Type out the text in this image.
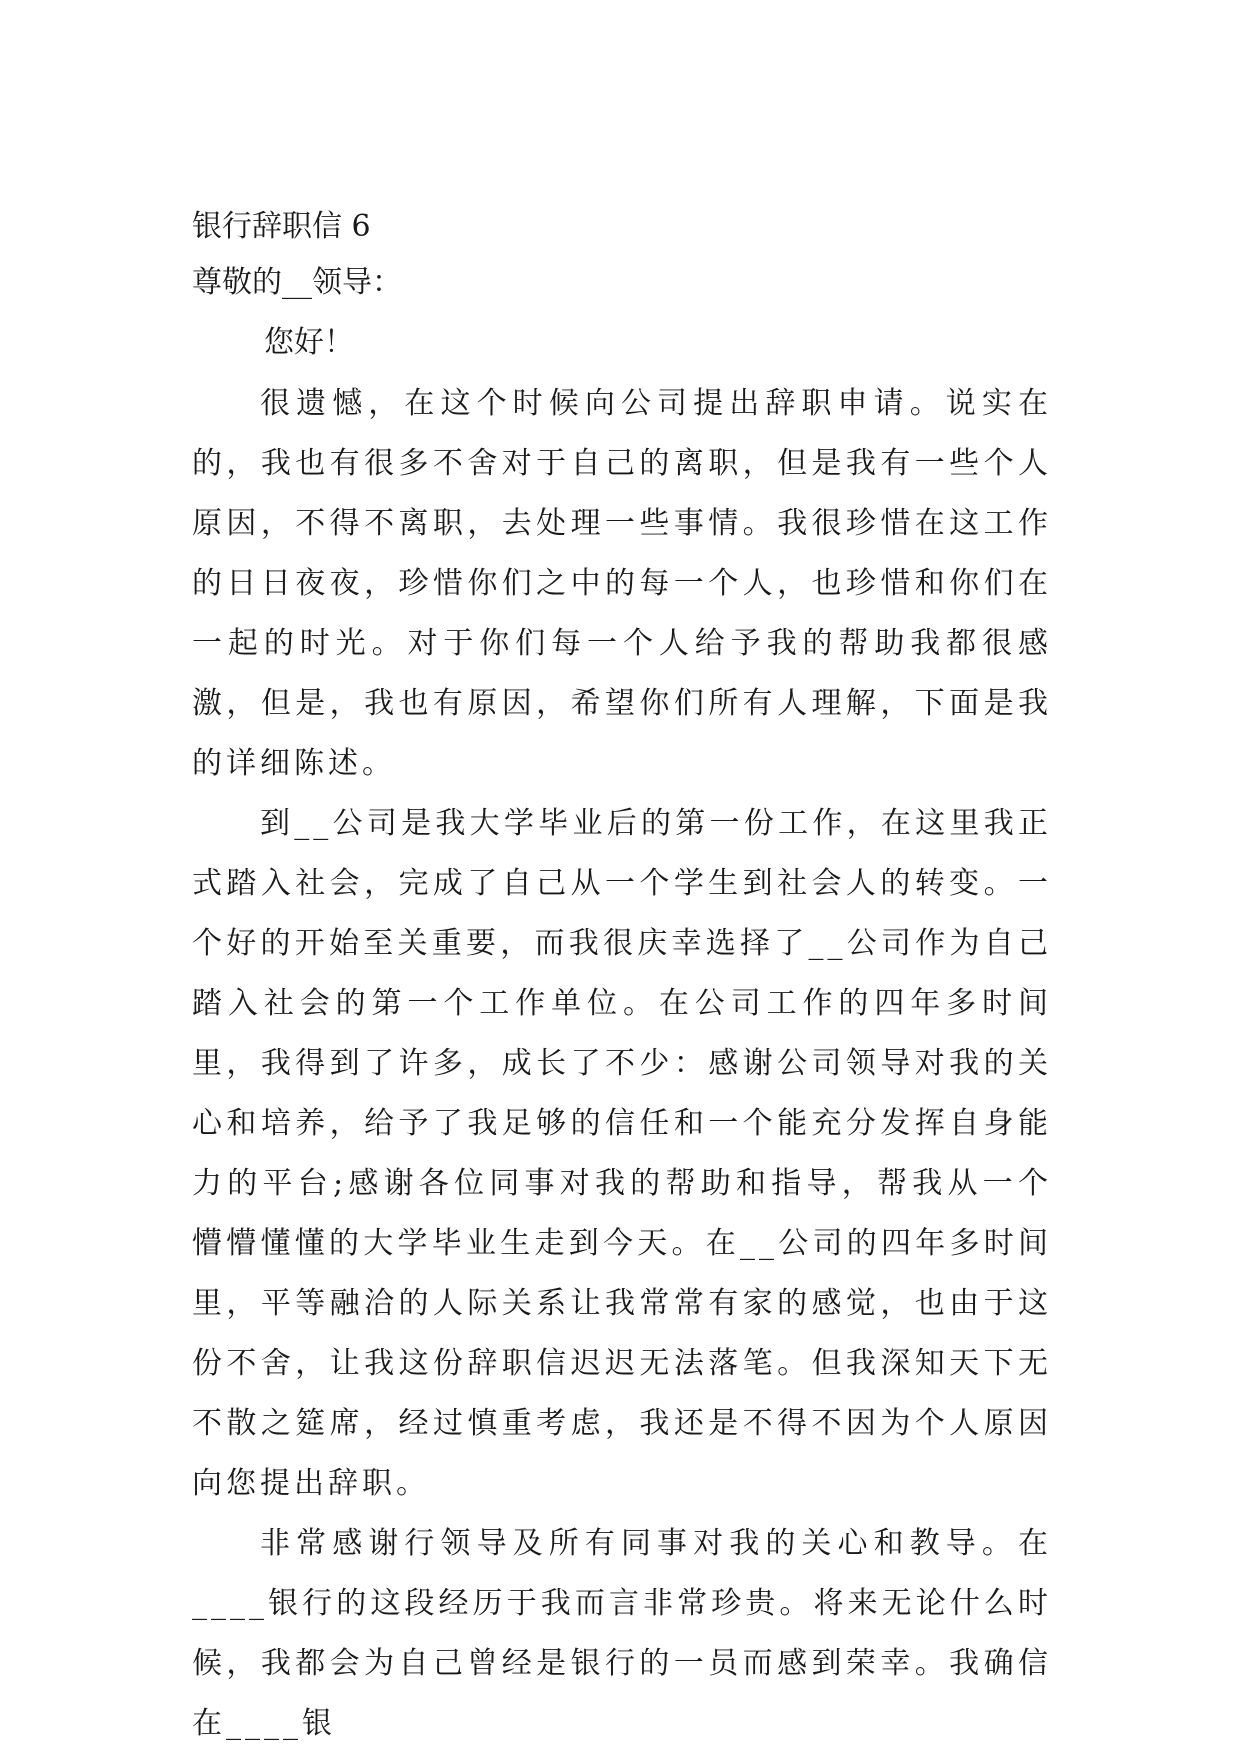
银行辞职信 6
尊敬的__领导：
您好！

很遗憾，在这个时候向公司提出辞职申请。说实在的，我也有很多不舍对于自己的离职，但是我有一些个人原因，不得不离职，去处理一些事情。我很珍惜在这工作的日日夜夜，珍惜你们之中的每一个人，也珍惜和你们在一起的时光。对于你们每一个人给予我的帮助我都很感激，但是，我也有原因，希望你们所有人理解，下面是我的详细陈述。

到__公司是我大学毕业后的第一份工作，在这里我正式踏入社会，完成了自己从一个学生到社会人的转变。一个好的开始至关重要，而我很庆幸选择了__公司作为自己踏入社会的第一个工作单位。在公司工作的四年多时间里，我得到了许多，成长了不少：感谢公司领导对我的关心和培养，给予了我足够的信任和一个能充分发挥自身能力的平台;感谢各位同事对我的帮助和指导，帮我从一个懵懵懂懂的大学毕业生走到今天。在__公司的四年多时间里，平等融洽的人际关系让我常常有家的感觉，也由于这份不舍，让我这份辞职信迟迟无法落笔。但我深知天下无不散之筵席，经过慎重考虑，我还是不得不因为个人原因向您提出辞职。

非常感谢行领导及所有同事对我的关心和教导。在____银行的这段经历于我而言非常珍贵。将来无论什么时候，我都会为自己曾经是银行的一员而感到荣幸。我确信在____银
